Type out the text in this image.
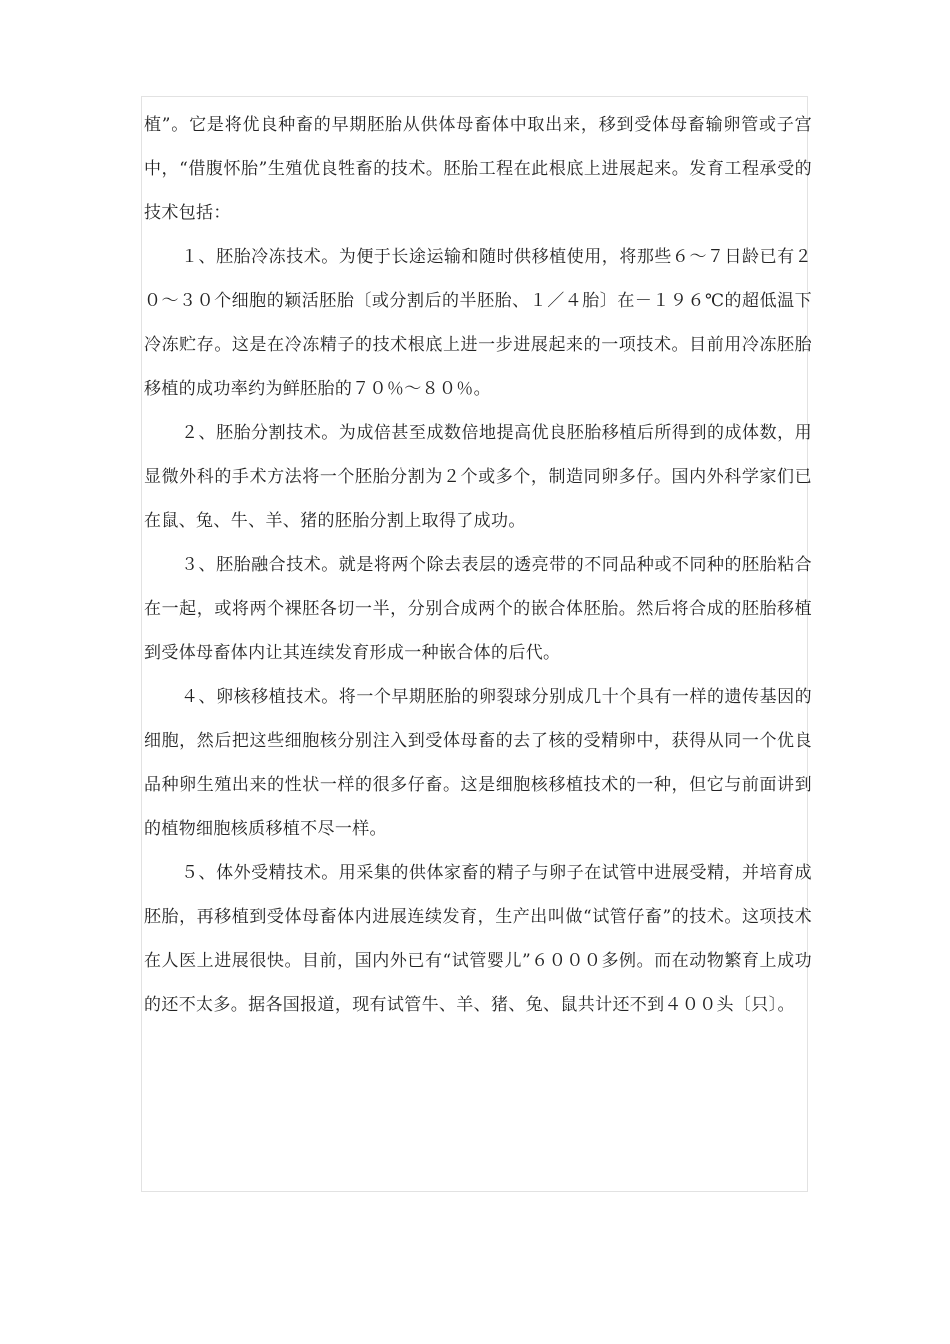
植”。它是将优良种畜的早期胚胎从供体母畜体中取出来，移到受体母畜输卵管或子宫中，“借腹怀胎”生殖优良牲畜的技术。胚胎工程在此根底上进展起来。发育工程承受的技术包括：

１、胚胎冷冻技术。为便于长途运输和随时供移植使用，将那些６～７日龄已有２０～３０个细胞的颖活胚胎〔或分割后的半胚胎、１／４胎〕在－１９６℃的超低温下冷冻贮存。这是在冷冻精子的技术根底上进一步进展起来的一项技术。目前用冷冻胚胎移植的成功率约为鲜胚胎的７０％～８０％。

２、胚胎分割技术。为成倍甚至成数倍地提高优良胚胎移植后所得到的成体数，用显微外科的手术方法将一个胚胎分割为２个或多个，制造同卵多仔。国内外科学家们已在鼠、兔、牛、羊、猪的胚胎分割上取得了成功。

３、胚胎融合技术。就是将两个除去表层的透亮带的不同品种或不同种的胚胎粘合在一起，或将两个裸胚各切一半，分别合成两个的嵌合体胚胎。然后将合成的胚胎移植到受体母畜体内让其连续发育形成一种嵌合体的后代。

４、卵核移植技术。将一个早期胚胎的卵裂球分别成几十个具有一样的遗传基因的细胞，然后把这些细胞核分别注入到受体母畜的去了核的受精卵中，获得从同一个优良品种卵生殖出来的性状一样的很多仔畜。这是细胞核移植技术的一种，但它与前面讲到的植物细胞核质移植不尽一样。

５、体外受精技术。用采集的供体家畜的精子与卵子在试管中进展受精，并培育成胚胎，再移植到受体母畜体内进展连续发育，生产出叫做“试管仔畜”的技术。这项技术在人医上进展很快。目前，国内外已有“试管婴儿”６０００多例。而在动物繁育上成功的还不太多。据各国报道，现有试管牛、羊、猪、兔、鼠共计还不到４００头〔只〕。
